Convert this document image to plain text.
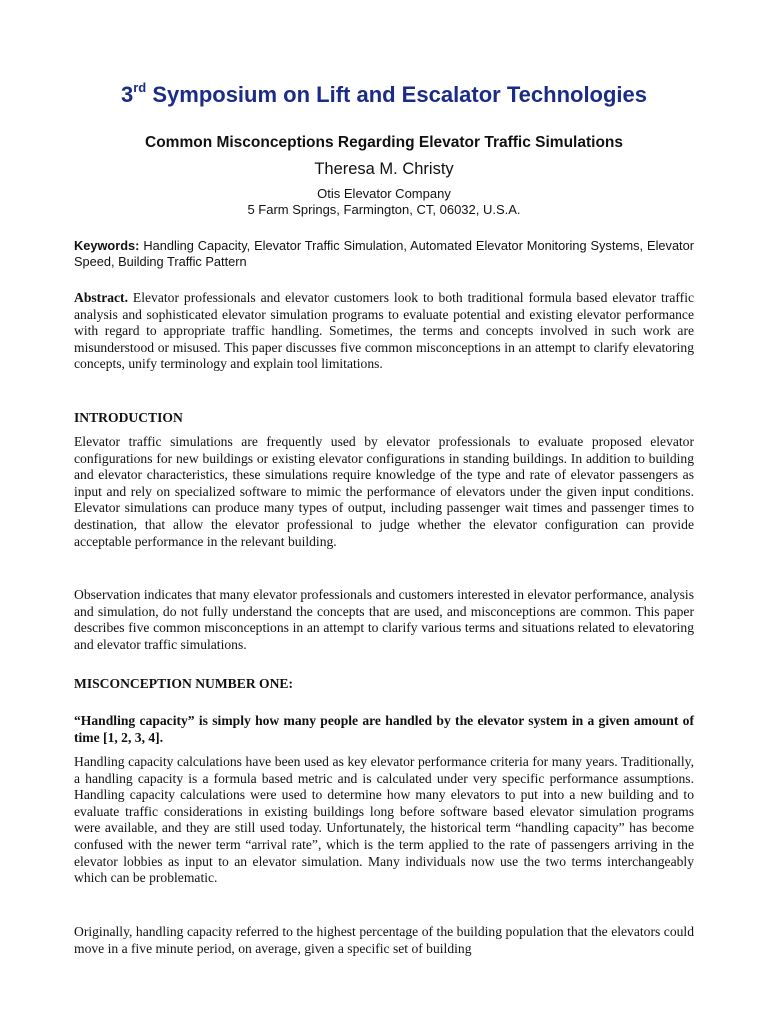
3rd Symposium on Lift and Escalator Technologies
Common Misconceptions Regarding Elevator Traffic Simulations
Theresa M. Christy
Otis Elevator Company
5 Farm Springs, Farmington, CT, 06032, U.S.A.
Keywords: Handling Capacity, Elevator Traffic Simulation, Automated Elevator Monitoring Systems, Elevator Speed, Building Traffic Pattern
Abstract. Elevator professionals and elevator customers look to both traditional formula based elevator traffic analysis and sophisticated elevator simulation programs to evaluate potential and existing elevator performance with regard to appropriate traffic handling. Sometimes, the terms and concepts involved in such work are misunderstood or misused. This paper discusses five common misconceptions in an attempt to clarify elevatoring concepts, unify terminology and explain tool limitations.
INTRODUCTION
Elevator traffic simulations are frequently used by elevator professionals to evaluate proposed elevator configurations for new buildings or existing elevator configurations in standing buildings. In addition to building and elevator characteristics, these simulations require knowledge of the type and rate of elevator passengers as input and rely on specialized software to mimic the performance of elevators under the given input conditions. Elevator simulations can produce many types of output, including passenger wait times and passenger times to destination, that allow the elevator professional to judge whether the elevator configuration can provide acceptable performance in the relevant building.
Observation indicates that many elevator professionals and customers interested in elevator performance, analysis and simulation, do not fully understand the concepts that are used, and misconceptions are common. This paper describes five common misconceptions in an attempt to clarify various terms and situations related to elevatoring and elevator traffic simulations.
MISCONCEPTION NUMBER ONE:
“Handling capacity” is simply how many people are handled by the elevator system in a given amount of time [1, 2, 3, 4].
Handling capacity calculations have been used as key elevator performance criteria for many years. Traditionally, a handling capacity is a formula based metric and is calculated under very specific performance assumptions. Handling capacity calculations were used to determine how many elevators to put into a new building and to evaluate traffic considerations in existing buildings long before software based elevator simulation programs were available, and they are still used today. Unfortunately, the historical term “handling capacity” has become confused with the newer term “arrival rate”, which is the term applied to the rate of passengers arriving in the elevator lobbies as input to an elevator simulation. Many individuals now use the two terms interchangeably which can be problematic.
Originally, handling capacity referred to the highest percentage of the building population that the elevators could move in a five minute period, on average, given a specific set of building
